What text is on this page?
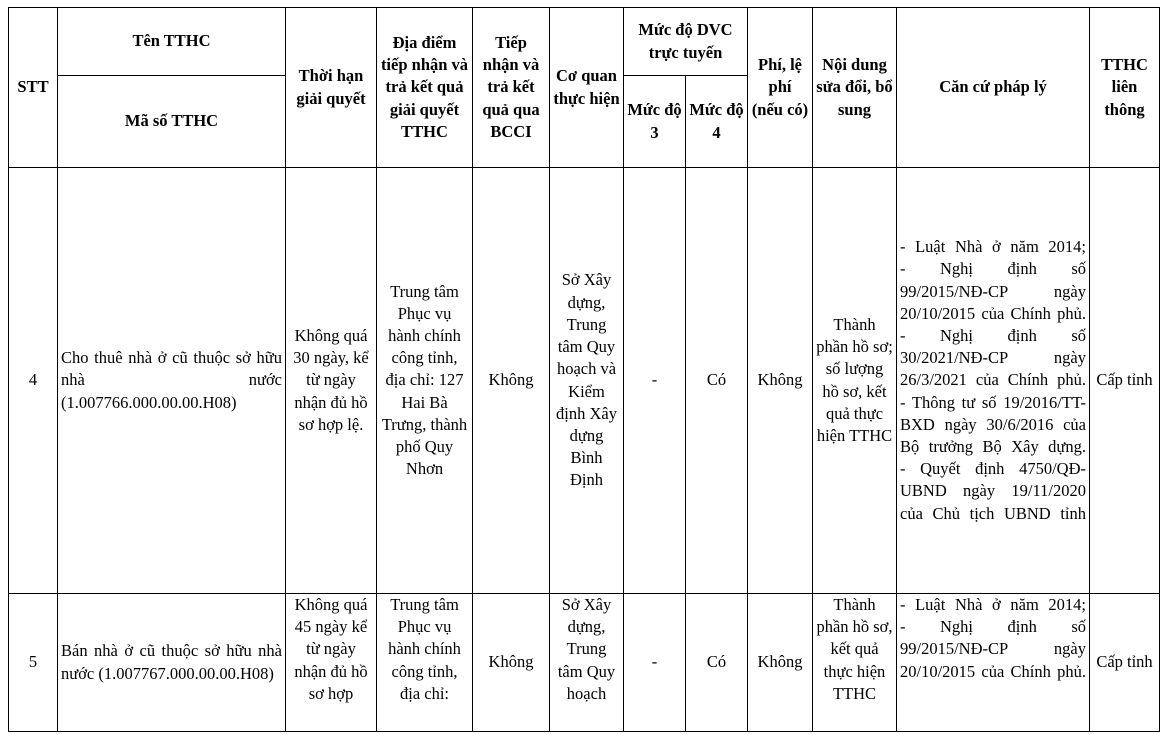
STT	Tên TTHC	Thời hạn giải quyết	Địa điểm tiếp nhận và trả kết quả giải quyết TTHC	Tiếp nhận và trả kết quả qua BCCI	Cơ quan thực hiện	Mức độ DVC trực tuyến		Phí, lệ phí (nếu có)	Nội dung sửa đổi, bổ sung	Căn cứ pháp lý	TTHC liên thông
	Mã số TTHC					Mức độ 3	Mức độ 4				
4	Cho thuê nhà ở cũ thuộc sở hữu nhà nước (1.007766.000.00.00.H08)	Không quá 30 ngày, kể từ ngày nhận đủ hồ sơ hợp lệ.	Trung tâm Phục vụ hành chính công tỉnh, địa chỉ: 127 Hai Bà Trưng, thành phố Quy Nhơn	Không	Sở Xây dựng, Trung tâm Quy hoạch và Kiểm định Xây dựng Bình Định	-	Có	Không	Thành phần hồ sơ; số lượng hồ sơ, kết quả thực hiện TTHC	- Luật Nhà ở năm 2014;
- Nghị định số 99/2015/NĐ-CP ngày 20/10/2015 của Chính phủ.
- Nghị định số 30/2021/NĐ-CP ngày 26/3/2021 của Chính phủ.
- Thông tư số 19/2016/TT-BXD ngày 30/6/2016 của Bộ trưởng Bộ Xây dựng.
- Quyết định 4750/QĐ-UBND ngày 19/11/2020 của Chủ tịch UBND tỉnh	Cấp tỉnh
5	Bán nhà ở cũ thuộc sở hữu nhà nước (1.007767.000.00.00.H08)	Không quá 45 ngày kể từ ngày nhận đủ hồ sơ hợp	Trung tâm Phục vụ hành chính công tỉnh, địa chỉ:	Không	Sở Xây dựng, Trung tâm Quy hoạch	-	Có	Không	Thành phần hồ sơ, kết quả thực hiện TTHC	- Luật Nhà ở năm 2014;
- Nghị định số 99/2015/NĐ-CP ngày 20/10/2015 của Chính phủ.	Cấp tỉnh
